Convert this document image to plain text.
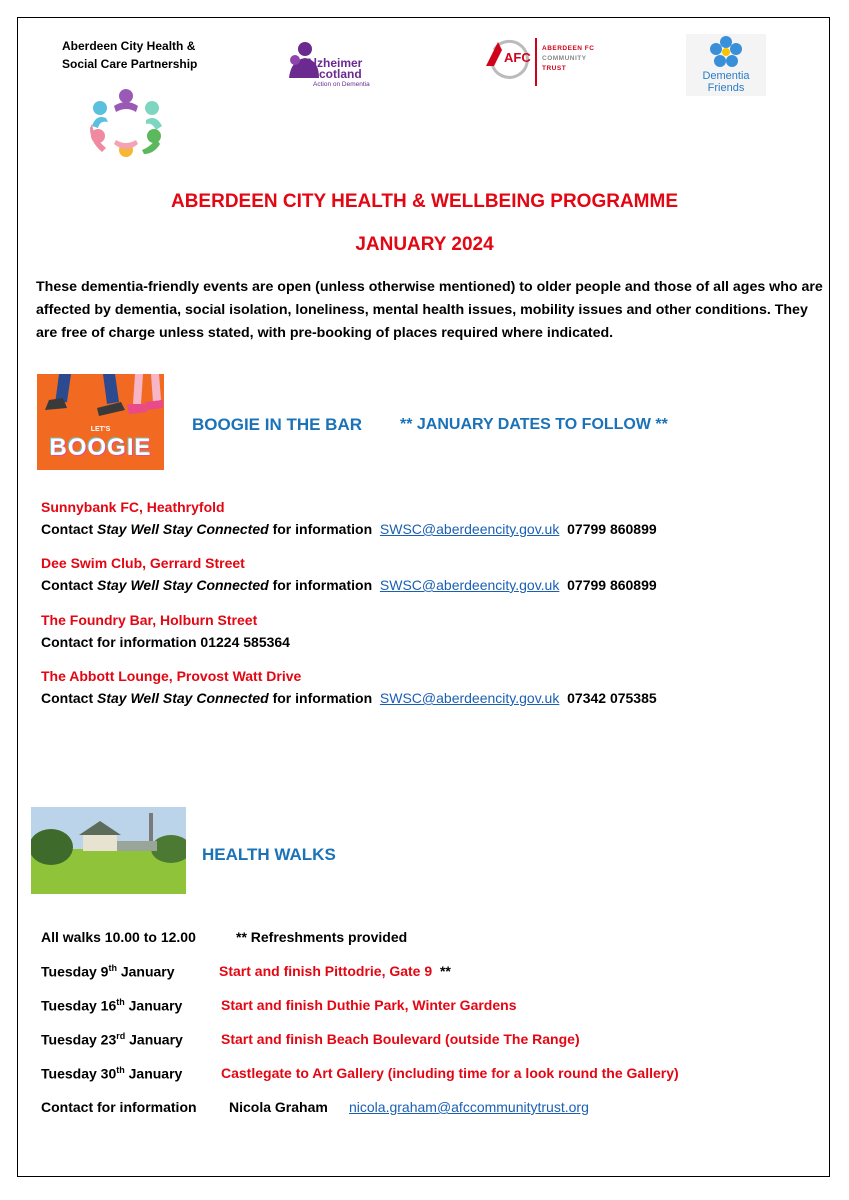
Aberdeen City Health &
Social Care Partnership	Alzheimer
Scotland
Action on Dementia
AFC
ABERDEEN FC
COMMUNITY
TRUST
Dementia
Friends
ABERDEEN CITY HEALTH & WELLBEING PROGRAMME
JANUARY 2024
These dementia-friendly events are open (unless otherwise mentioned) to older people and those of all ages who are affected by dementia, social isolation, loneliness, mental health issues, mobility issues and other conditions. They are free of charge unless stated, with pre-booking of places required where indicated.
LET'S
BOOGIE
BOOGIE IN THE BAR ** JANUARY DATES TO FOLLOW **
Sunnybank FC, Heathryfold
Contact Stay Well Stay Connected for information SWSC@aberdeencity.gov.uk 07799 860899
Dee Swim Club, Gerrard Street
Contact Stay Well Stay Connected for information SWSC@aberdeencity.gov.uk 07799 860899
The Foundry Bar, Holburn Street
Contact for information 01224 585364
The Abbott Lounge, Provost Watt Drive
Contact Stay Well Stay Connected for information SWSC@aberdeencity.gov.uk 07342 075385
HEALTH WALKS
All walks 10.00 to 12.00	** Refreshments provided
Tuesday 9th January	Start and finish Pittodrie, Gate 9 **
Tuesday 16th January	Start and finish Duthie Park, Winter Gardens
Tuesday 23rd January	Start and finish Beach Boulevard (outside The Range)
Tuesday 30th January	Castlegate to Art Gallery (including time for a look round the Gallery)
Contact for information Nicola Graham nicola.graham@afccommunitytrust.org
